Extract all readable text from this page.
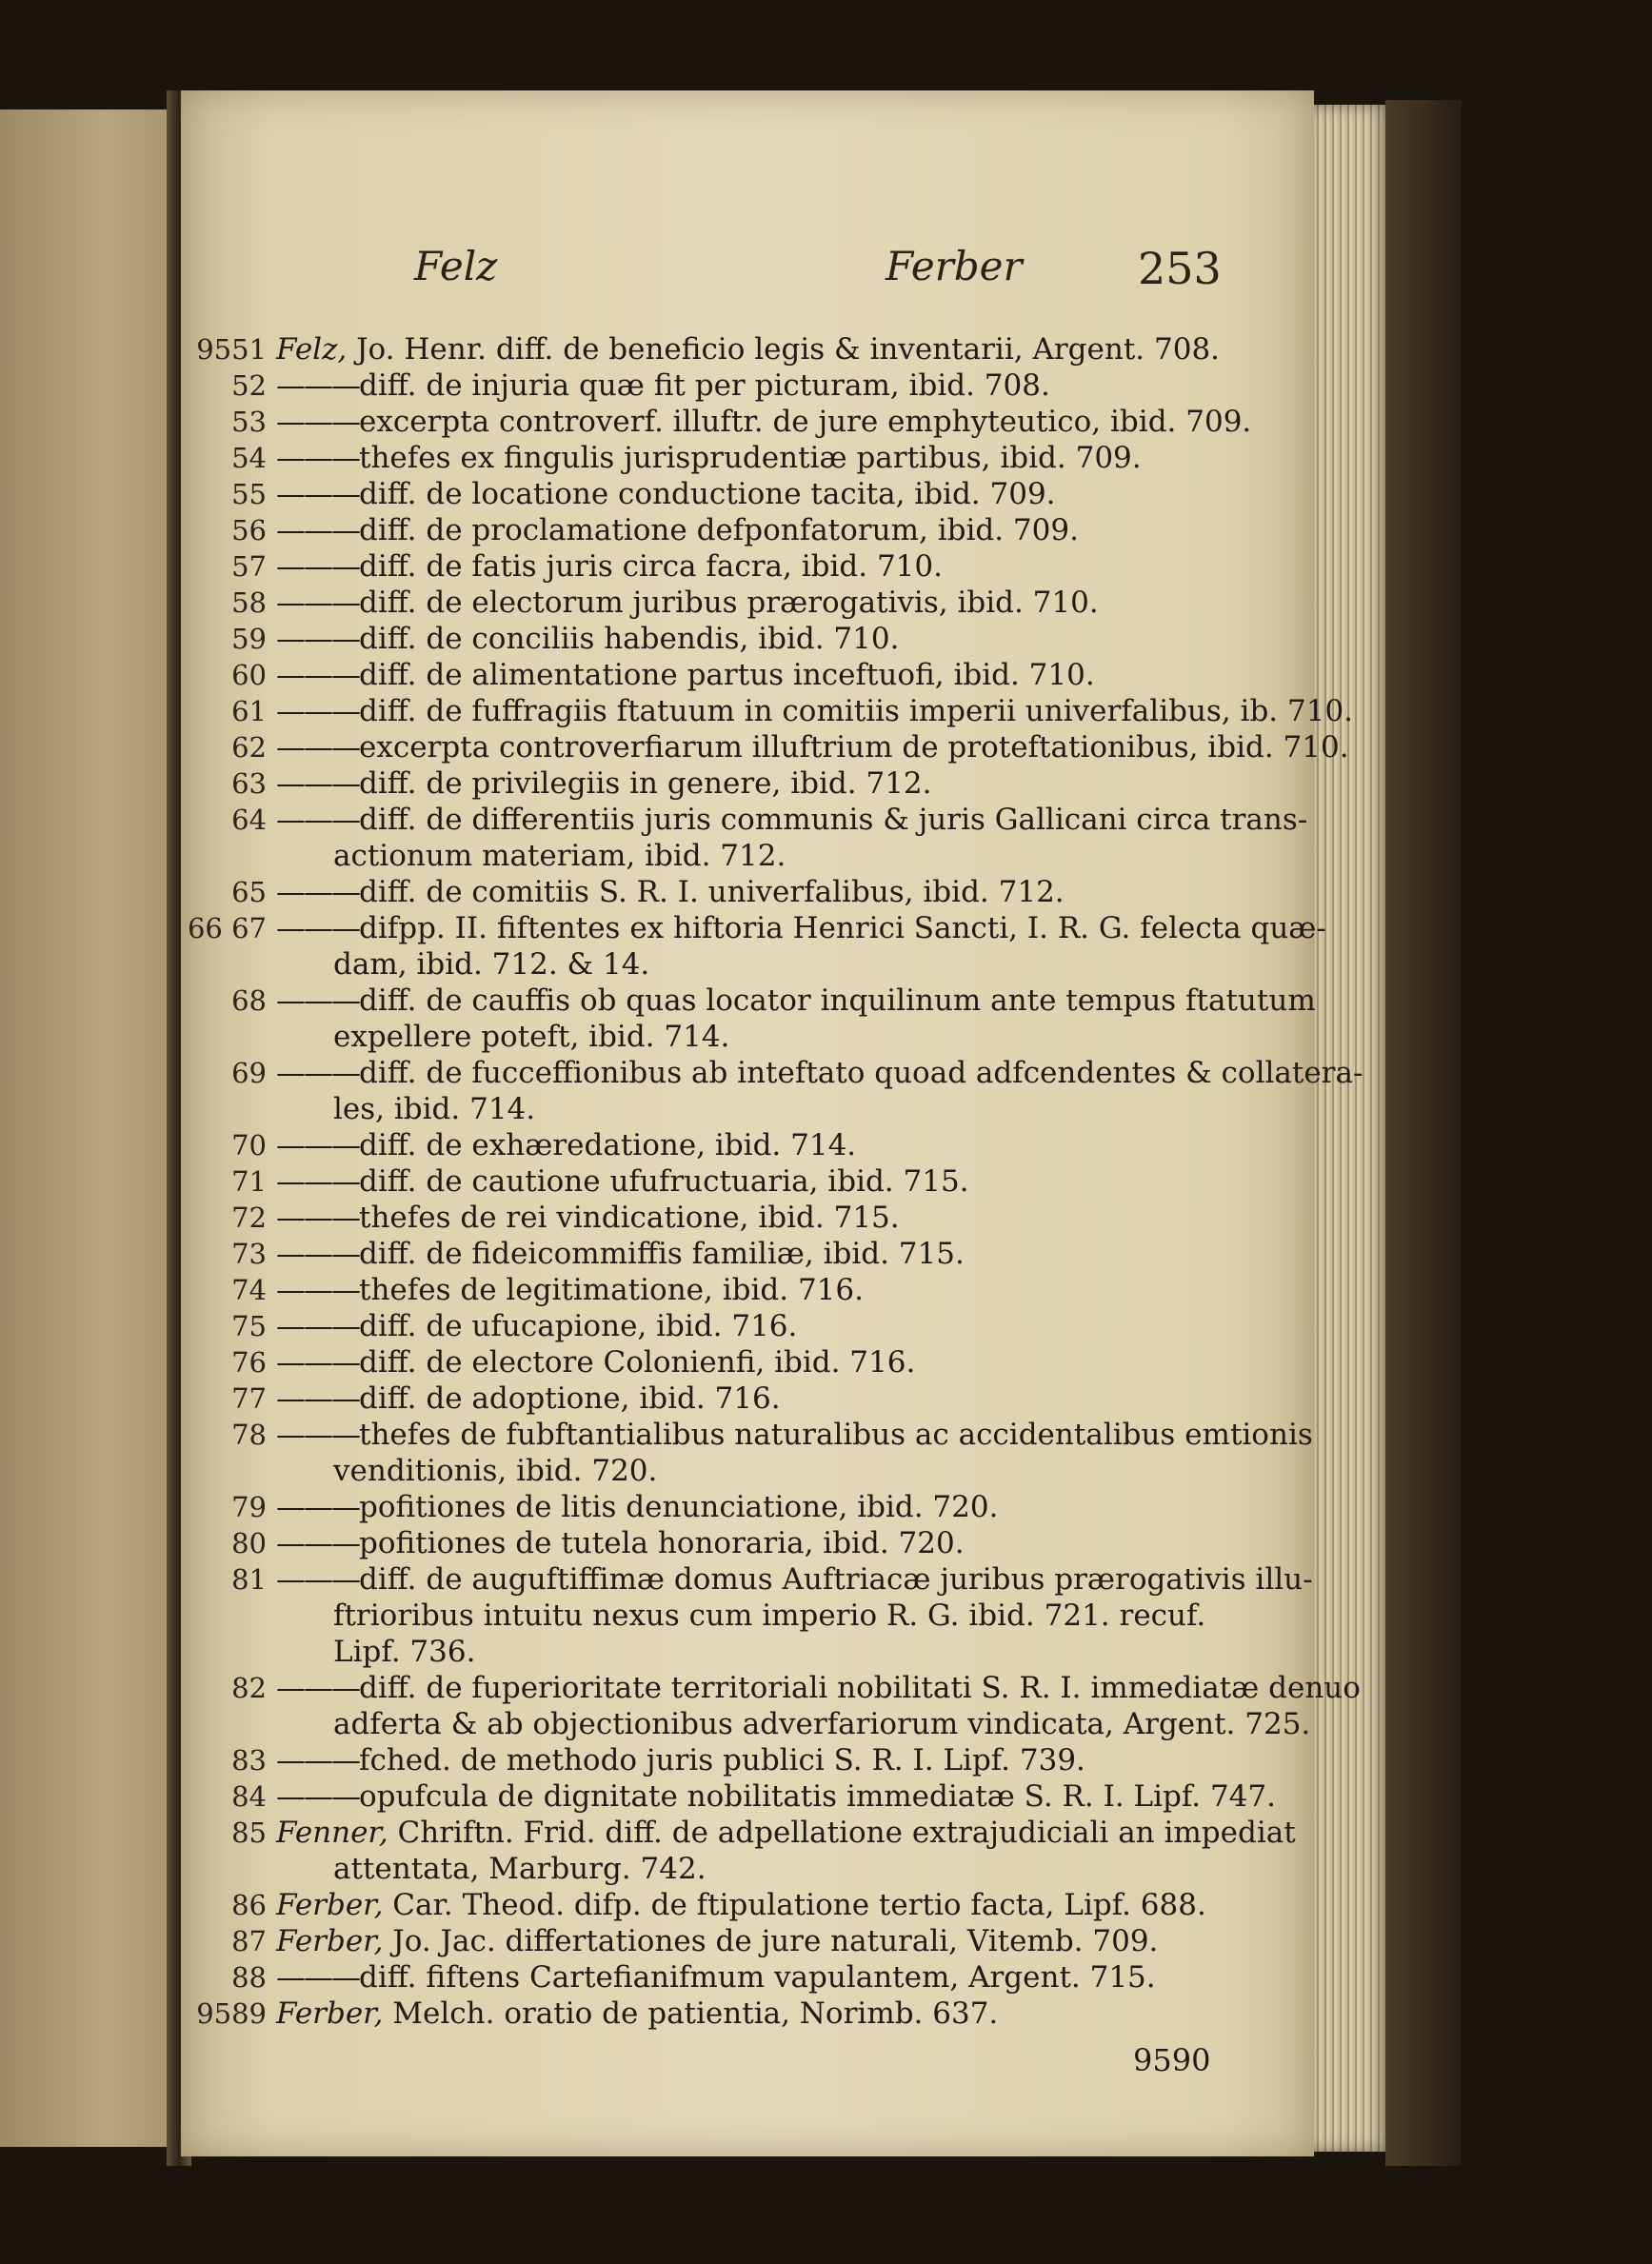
Felz	Ferber	253
9551 Felz, Jo. Henr. diff. de beneficio legis & inventarii, Argent. 708.
52 ———diff. de injuria quæ fit per picturam, ibid. 708.
53 ———excerpta controverf. illuftr. de jure emphyteutico, ibid. 709.
54 ———thefes ex fingulis jurisprudentiæ partibus, ibid. 709.
55 ———diff. de locatione conductione tacita, ibid. 709.
56 ———diff. de proclamatione defponfatorum, ibid. 709.
57 ———diff. de fatis juris circa facra, ibid. 710.
58 ———diff. de electorum juribus prærogativis, ibid. 710.
59 ———diff. de conciliis habendis, ibid. 710.
60 ———diff. de alimentatione partus inceftuofi, ibid. 710.
61 ———diff. de fuffragiis ftatuum in comitiis imperii univerfalibus, ib. 710.
62 ———excerpta controverfiarum illuftrium de proteftationibus, ibid. 710.
63 ———diff. de privilegiis in genere, ibid. 712.
64 ———diff. de differentiis juris communis & juris Gallicani circa trans-
actionum materiam, ibid. 712.
65 ———diff. de comitiis S. R. I. univerfalibus, ibid. 712.
66 67 ———difpp. II. fiftentes ex hiftoria Henrici Sancti, I. R. G. felecta quæ-
dam, ibid. 712. & 14.
68 ———diff. de cauffis ob quas locator inquilinum ante tempus ftatutum
expellere poteft, ibid. 714.
69 ———diff. de fucceffionibus ab inteftato quoad adfcendentes & collatera-
les, ibid. 714.
70 ———diff. de exhæredatione, ibid. 714.
71 ———diff. de cautione ufufructuaria, ibid. 715.
72 ———thefes de rei vindicatione, ibid. 715.
73 ———diff. de fideicommiffis familiæ, ibid. 715.
74 ———thefes de legitimatione, ibid. 716.
75 ———diff. de ufucapione, ibid. 716.
76 ———diff. de electore Colonienfi, ibid. 716.
77 ———diff. de adoptione, ibid. 716.
78 ———thefes de fubftantialibus naturalibus ac accidentalibus emtionis
venditionis, ibid. 720.
79 ———pofitiones de litis denunciatione, ibid. 720.
80 ———pofitiones de tutela honoraria, ibid. 720.
81 ———diff. de auguftiffimæ domus Auftriacæ juribus prærogativis illu-
ftrioribus intuitu nexus cum imperio R. G. ibid. 721. recuf.
Lipf. 736.
82 ———diff. de fuperioritate territoriali nobilitati S. R. I. immediatæ denuo
adferta & ab objectionibus adverfariorum vindicata, Argent. 725.
83 ———fched. de methodo juris publici S. R. I. Lipf. 739.
84 ———opufcula de dignitate nobilitatis immediatæ S. R. I. Lipf. 747.
85 Fenner, Chriftn. Frid. diff. de adpellatione extrajudiciali an impediat
attentata, Marburg. 742.
86 Ferber, Car. Theod. difp. de ftipulatione tertio facta, Lipf. 688.
87 Ferber, Jo. Jac. differtationes de jure naturali, Vitemb. 709.
88 ———diff. fiftens Cartefianifmum vapulantem, Argent. 715.
9589 Ferber, Melch. oratio de patientia, Norimb. 637.
9590
